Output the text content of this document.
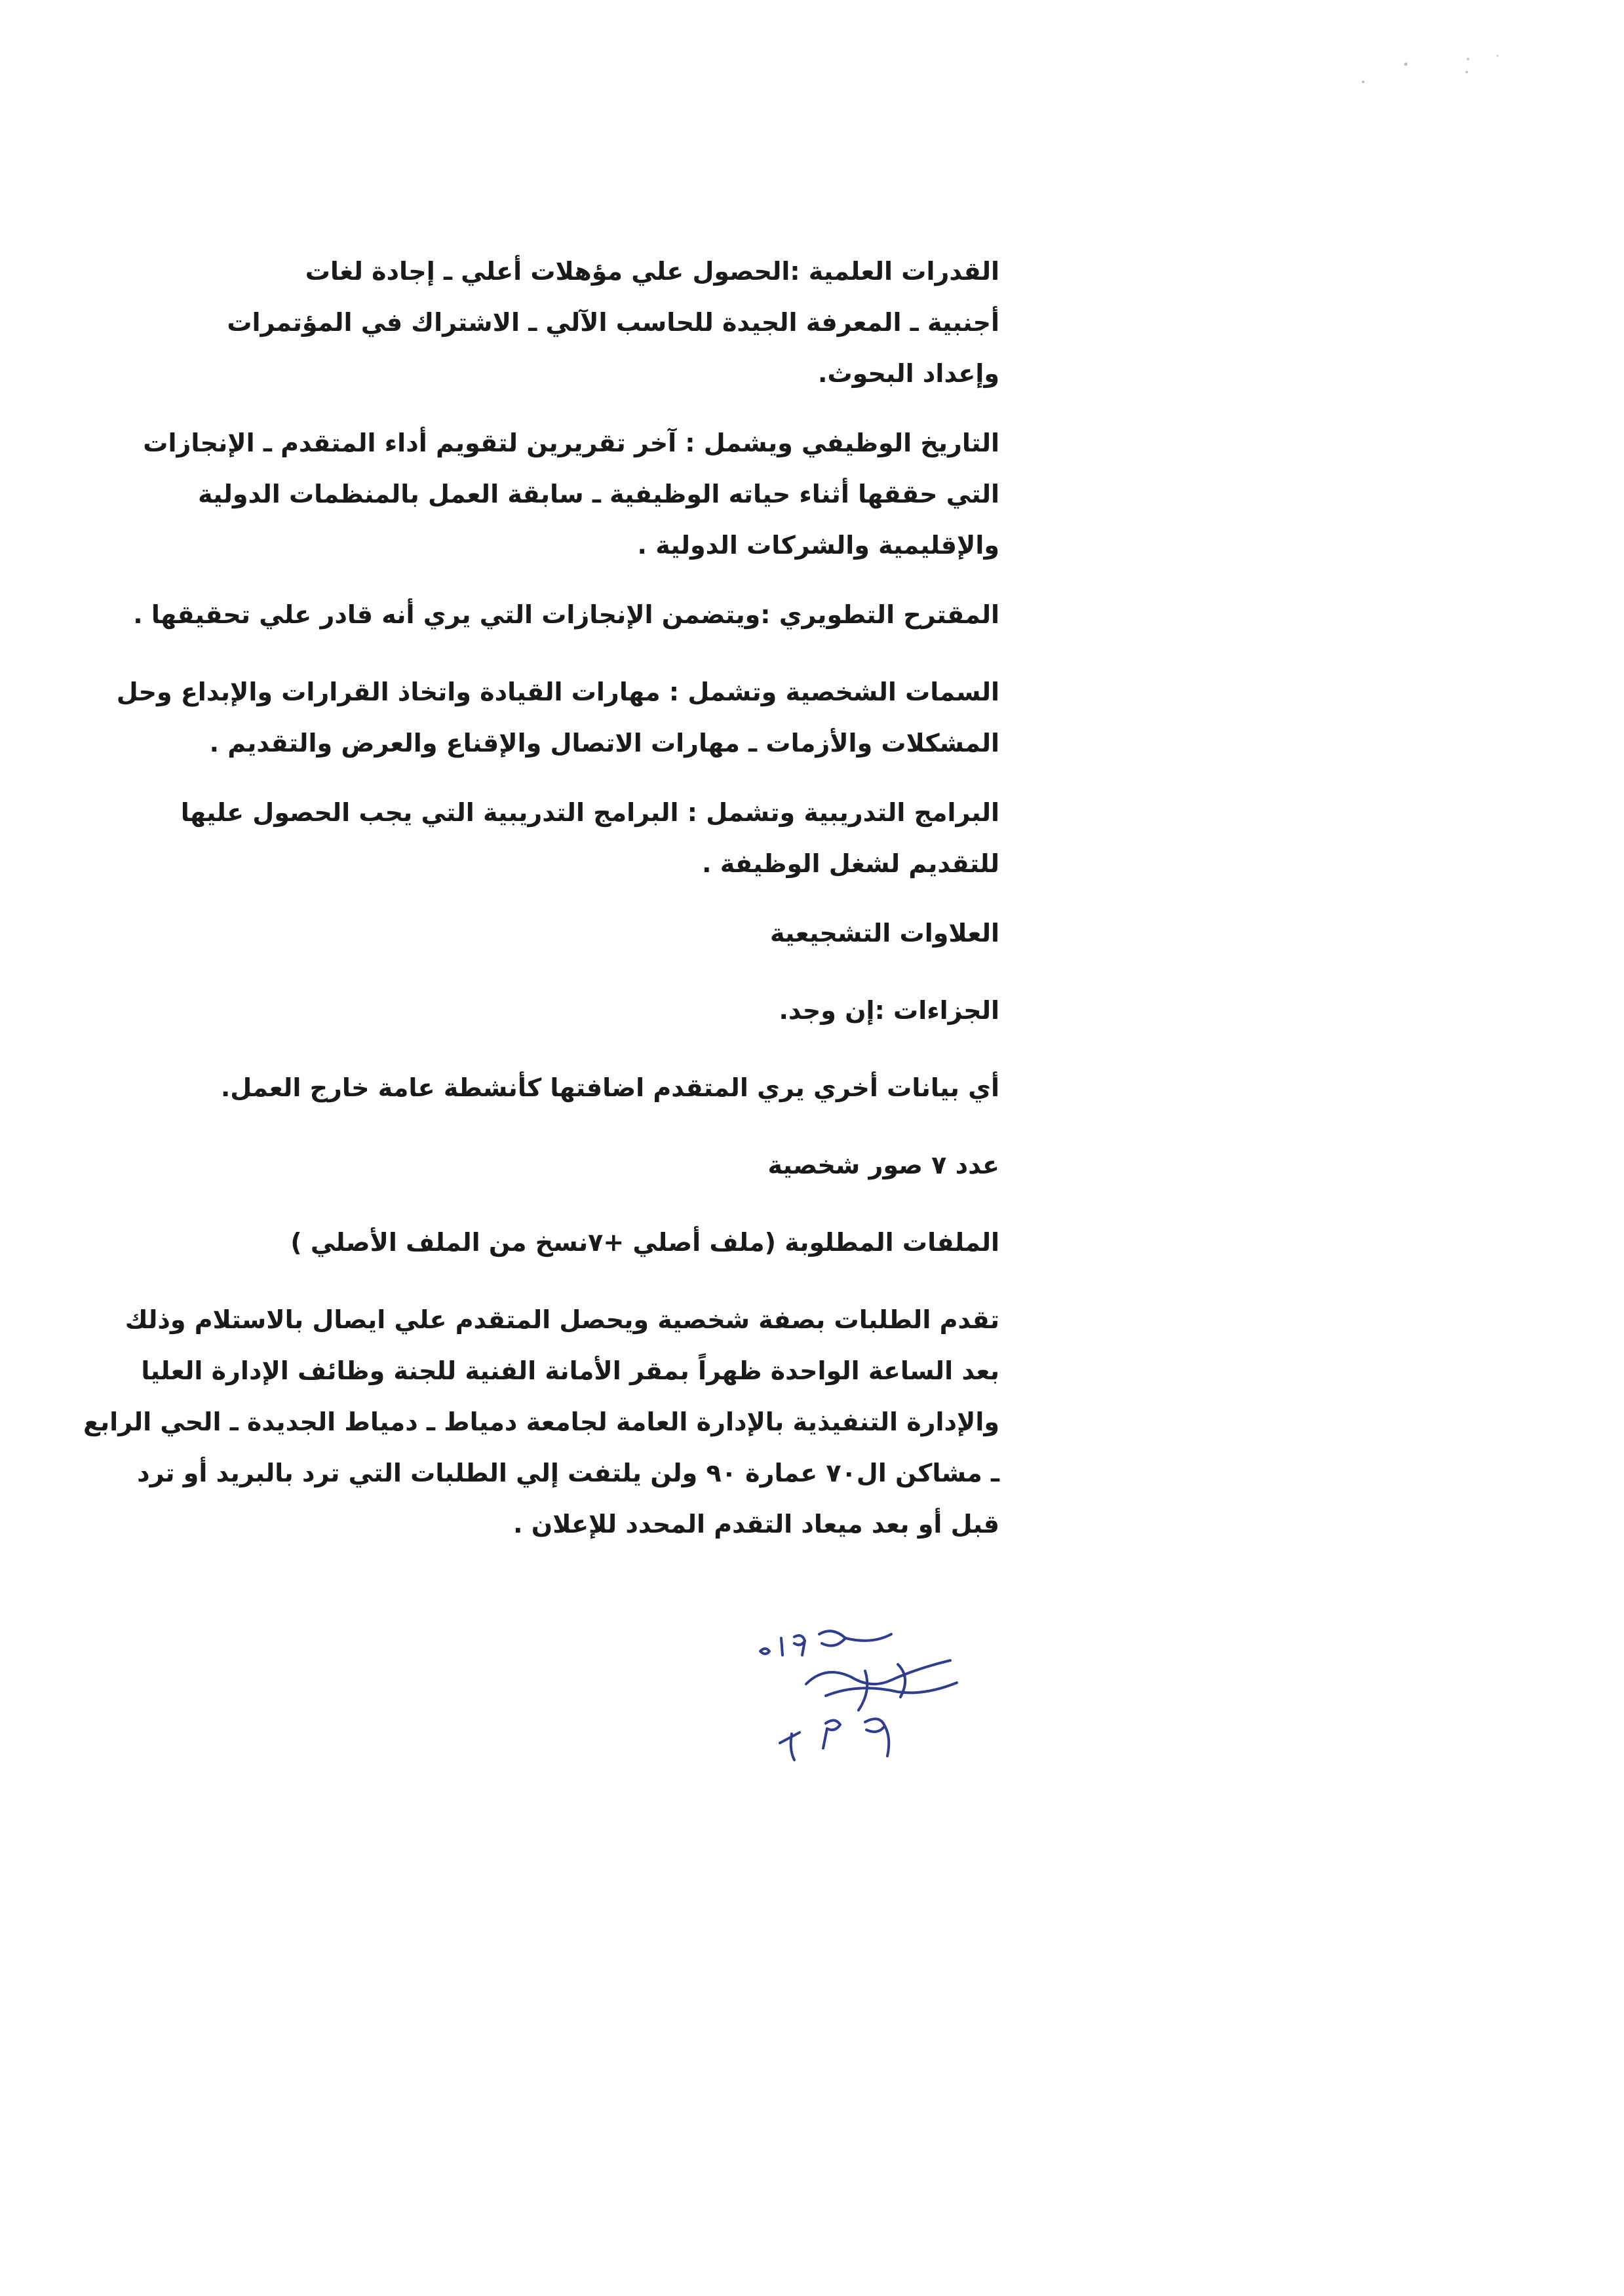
القدرات العلمية :الحصول علي مؤهلات أعلي ـ إجادة لغات
أجنبية ـ المعرفة الجيدة للحاسب الآلي ـ الاشتراك في المؤتمرات
وإعداد البحوث.
التاريخ الوظيفي ويشمل : آخر تقريرين لتقويم أداء المتقدم ـ الإنجازات
التي حققها أثناء حياته الوظيفية ـ سابقة العمل بالمنظمات الدولية
والإقليمية والشركات الدولية .
المقترح التطويري :ويتضمن الإنجازات التي يري أنه قادر علي تحقيقها .
السمات الشخصية وتشمل : مهارات القيادة واتخاذ القرارات والإبداع وحل
المشكلات والأزمات ـ مهارات الاتصال والإقناع والعرض والتقديم .
البرامج التدريبية وتشمل : البرامج التدريبية التي يجب الحصول عليها
للتقديم لشغل الوظيفة .
العلاوات التشجيعية
الجزاءات :إن وجد.
أي بيانات أخري يري المتقدم اضافتها كأنشطة عامة خارج العمل.
عدد ٧ صور شخصية
الملفات المطلوبة (ملف أصلي +٧نسخ من الملف الأصلي )
تقدم الطلبات بصفة شخصية ويحصل المتقدم علي ايصال بالاستلام وذلك
بعد الساعة الواحدة ظهراً بمقر الأمانة الفنية للجنة وظائف الإدارة العليا
والإدارة التنفيذية بالإدارة العامة لجامعة دمياط ـ دمياط الجديدة ـ الحي الرابع
ـ مشاكن ال٧٠ عمارة ٩٠ ولن يلتفت إلي الطلبات التي ترد بالبريد أو ترد
قبل أو بعد ميعاد التقدم المحدد للإعلان .
